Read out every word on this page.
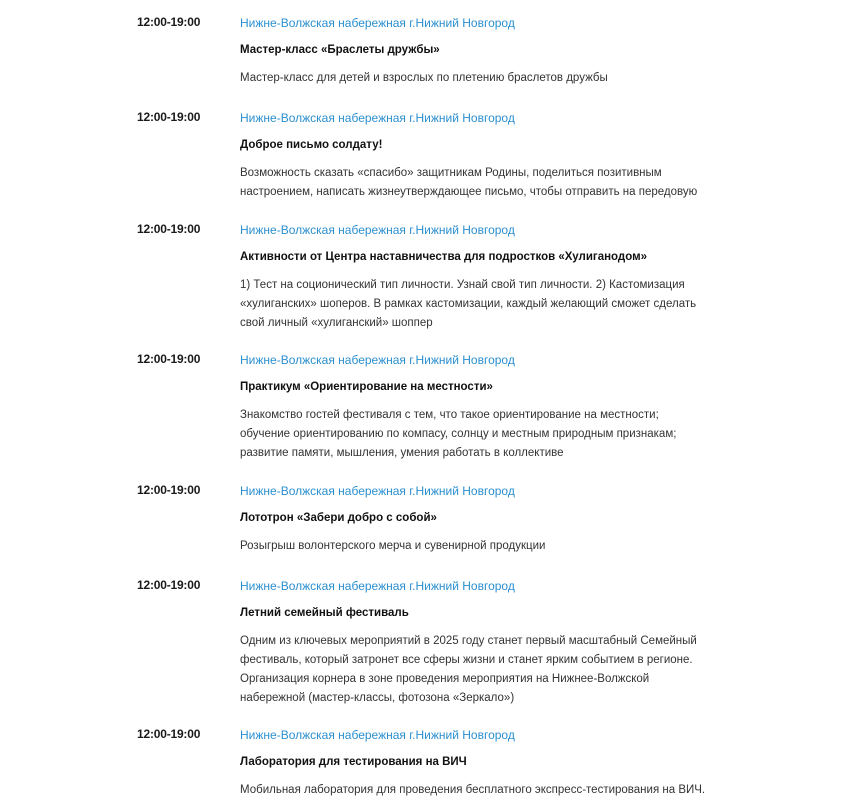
12:00-19:00	Нижне-Волжская набережная г.Нижний Новгород
Мастер-класс «Браслеты дружбы»
Мастер-класс для детей и взрослых по плетению браслетов дружбы
12:00-19:00	Нижне-Волжская набережная г.Нижний Новгород
Доброе письмо солдату!
Возможность сказать «спасибо» защитникам Родины, поделиться позитивным
настроением, написать жизнеутверждающее письмо, чтобы отправить на передовую
12:00-19:00	Нижне-Волжская набережная г.Нижний Новгород
Активности от Центра наставничества для подростков «Хулиганодом»
1) Тест на соционический тип личности. Узнай свой тип личности. 2) Кастомизация
«хулиганских» шоперов. В рамках кастомизации, каждый желающий сможет сделать
свой личный «хулиганский» шоппер
12:00-19:00	Нижне-Волжская набережная г.Нижний Новгород
Практикум «Ориентирование на местности»
Знакомство гостей фестиваля с тем, что такое ориентирование на местности;
обучение ориентированию по компасу, солнцу и местным природным признакам;
развитие памяти, мышления, умения работать в коллективе
12:00-19:00	Нижне-Волжская набережная г.Нижний Новгород
Лототрон «Забери добро с собой»
Розыгрыш волонтерского мерча и сувенирной продукции
12:00-19:00	Нижне-Волжская набережная г.Нижний Новгород
Летний семейный фестиваль
Одним из ключевых мероприятий в 2025 году станет первый масштабный Семейный
фестиваль, который затронет все сферы жизни и станет ярким событием в регионе.
Организация корнера в зоне проведения мероприятия на Нижнее-Волжской
набережной (мастер-классы, фотозона «Зеркало»)
12:00-19:00	Нижне-Волжская набережная г.Нижний Новгород
Лаборатория для тестирования на ВИЧ
Мобильная лаборатория для проведения бесплатного экспресс-тестирования на ВИЧ.
